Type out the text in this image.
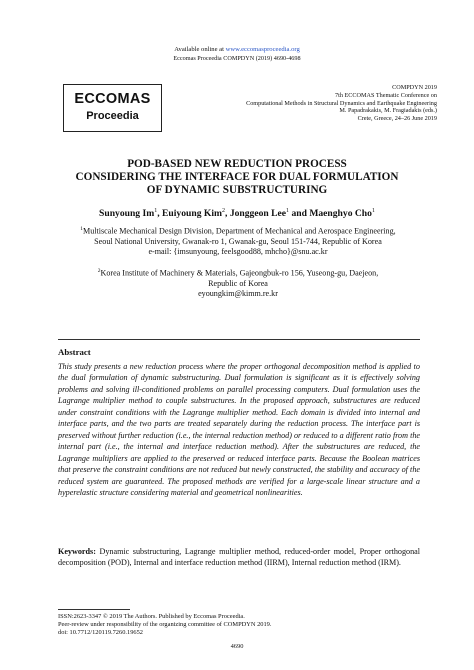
Available online at www.eccomasproceedia.org
Eccomas Proceedia COMPDYN (2019) 4690-4698
ECCOMAS
Proceedia
COMPDYN 2019
7th ECCOMAS Thematic Conference on
Computational Methods in Structural Dynamics and Earthquake Engineering
M. Papadrakakis, M. Fragiadakis (eds.)
Crete, Greece, 24–26 June 2019
POD-BASED NEW REDUCTION PROCESS
CONSIDERING THE INTERFACE FOR DUAL FORMULATION
OF DYNAMIC SUBSTRUCTURING
Sunyoung Im$^1$, Euiyoung Kim$^2$, Jonggeon Lee$^1$ and Maenghyo Cho$^1$
$^1$Multiscale Mechanical Design Division, Department of Mechanical and Aerospace Engineering,
Seoul National University, Gwanak-ro 1, Gwanak-gu, Seoul 151-744, Republic of Korea
e-mail: {imsunyoung, feelsgood88, mhcho}@snu.ac.kr
$^2$Korea Institute of Machinery & Materials, Gajeongbuk-ro 156, Yuseong-gu, Daejeon,
Republic of Korea
eyoungkim@kimm.re.kr
Abstract
This study presents a new reduction process where the proper orthogonal decomposition method is applied to the dual formulation of dynamic substructuring. Dual formulation is significant as it is effectively solving problems and solving ill-conditioned problems on parallel processing computers. Dual formulation uses the Lagrange multiplier method to couple substructures. In the proposed approach, substructures are reduced under constraint conditions with the Lagrange multiplier method. Each domain is divided into internal and interface parts, and the two parts are treated separately during the reduction process. The interface part is preserved without further reduction (i.e., the internal reduction method) or reduced to a different ratio from the internal part (i.e., the internal and interface reduction method). After the substructures are reduced, the Lagrange multipliers are applied to the preserved or reduced interface parts. Because the Boolean matrices that preserve the constraint conditions are not reduced but newly constructed, the stability and accuracy of the reduced system are guaranteed. The proposed methods are verified for a large-scale linear structure and a hyperelastic structure considering material and geometrical nonlinearities.
Keywords: Dynamic substructuring, Lagrange multiplier method, reduced-order model, Proper orthogonal decomposition (POD), Internal and interface reduction method (IIRM), Internal reduction method (IRM).
ISSN:2623-3347 © 2019 The Authors. Published by Eccomas Proceedia.
Peer-review under responsibility of the organizing committee of COMPDYN 2019.
doi: 10.7712/120119.7260.19652
4690
